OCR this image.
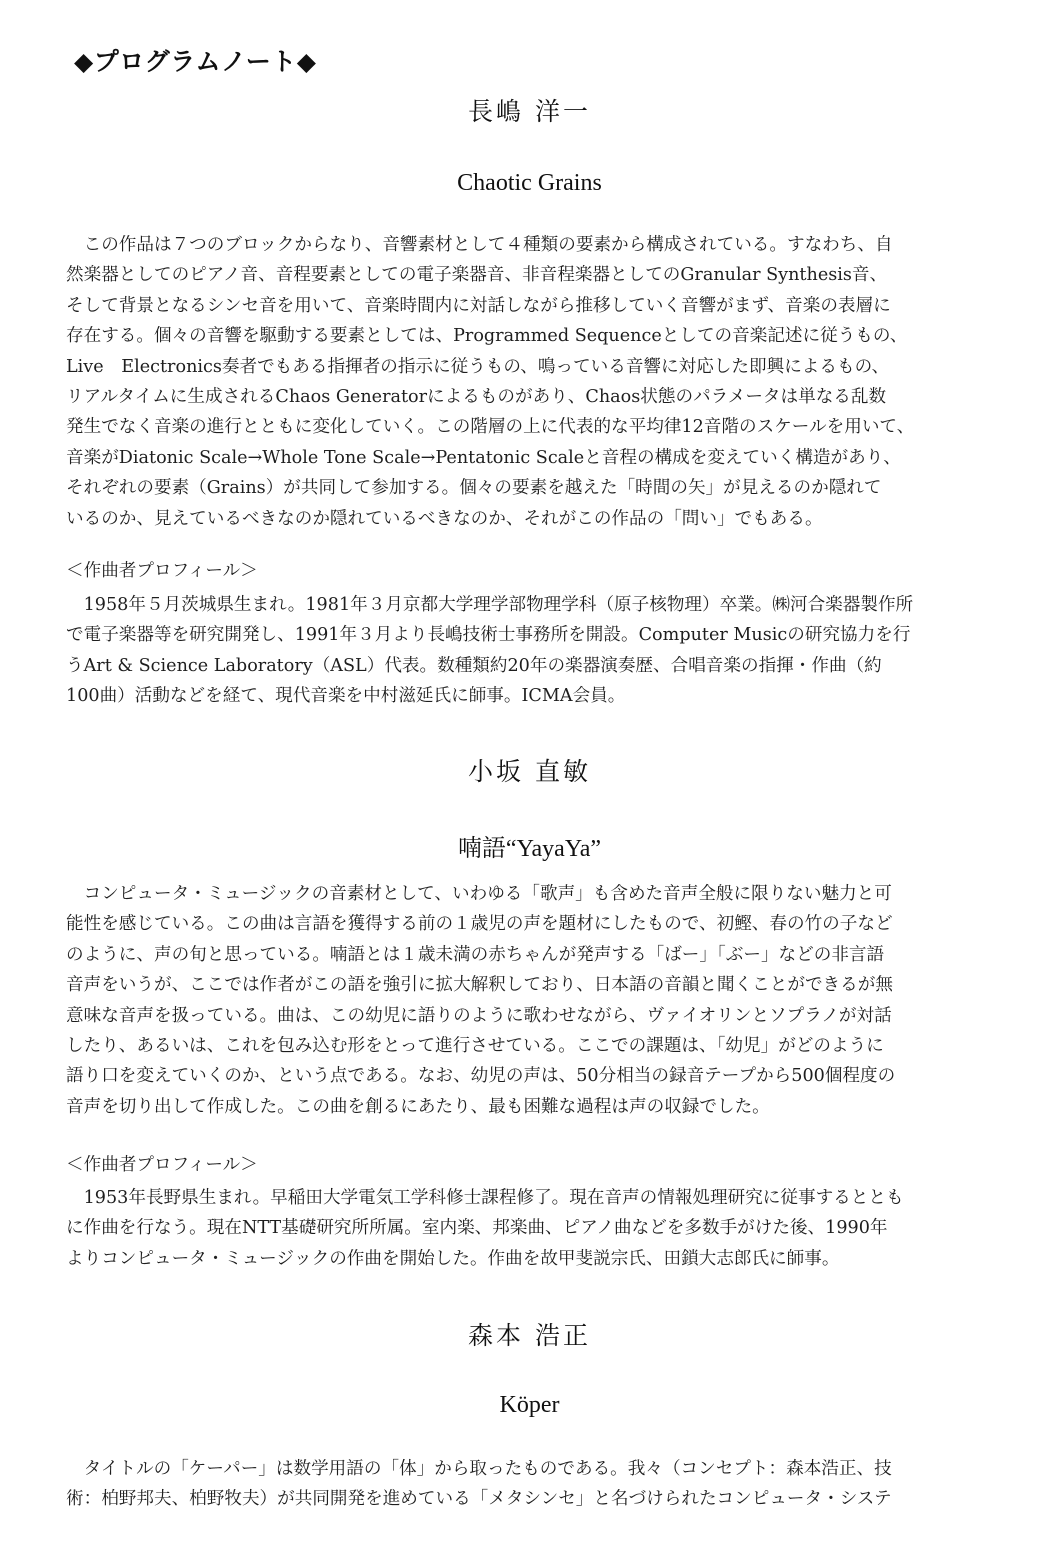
◆プログラムノート◆
長嶋 洋一
Chaotic Grains
　この作品は７つのブロックからなり、音響素材として４種類の要素から構成されている。すなわち、自
然楽器としてのピアノ音、音程要素としての電子楽器音、非音程楽器としてのGranular Synthesis音、
そして背景となるシンセ音を用いて、音楽時間内に対話しながら推移していく音響がまず、音楽の表層に
存在する。個々の音響を駆動する要素としては、Programmed Sequenceとしての音楽記述に従うもの、
Live　Electronics奏者でもある指揮者の指示に従うもの、鳴っている音響に対応した即興によるもの、
リアルタイムに生成されるChaos Generatorによるものがあり、Chaos状態のパラメータは単なる乱数
発生でなく音楽の進行とともに変化していく。この階層の上に代表的な平均律12音階のスケールを用いて、
音楽がDiatonic Scale→Whole Tone Scale→Pentatonic Scaleと音程の構成を変えていく構造があり、
それぞれの要素（Grains）が共同して参加する。個々の要素を越えた「時間の矢」が見えるのか隠れて
いるのか、見えているべきなのか隠れているべきなのか、それがこの作品の「問い」でもある。
＜作曲者プロフィール＞
　1958年５月茨城県生まれ。1981年３月京都大学理学部物理学科（原子核物理）卒業。㈱河合楽器製作所
で電子楽器等を研究開発し、1991年３月より長嶋技術士事務所を開設。Computer Musicの研究協力を行
うArt & Science Laboratory（ASL）代表。数種類約20年の楽器演奏歴、合唱音楽の指揮・作曲（約
100曲）活動などを経て、現代音楽を中村滋延氏に師事。ICMA会員。
小坂 直敏
喃語“YayaYa”
　コンピュータ・ミュージックの音素材として、いわゆる「歌声」も含めた音声全般に限りない魅力と可
能性を感じている。この曲は言語を獲得する前の１歳児の声を題材にしたもので、初鰹、春の竹の子など
のように、声の旬と思っている。喃語とは１歳未満の赤ちゃんが発声する「ばー」「ぶー」などの非言語
音声をいうが、ここでは作者がこの語を強引に拡大解釈しており、日本語の音韻と聞くことができるが無
意味な音声を扱っている。曲は、この幼児に語りのように歌わせながら、ヴァイオリンとソプラノが対話
したり、あるいは、これを包み込む形をとって進行させている。ここでの課題は、「幼児」がどのように
語り口を変えていくのか、という点である。なお、幼児の声は、50分相当の録音テープから500個程度の
音声を切り出して作成した。この曲を創るにあたり、最も困難な過程は声の収録でした。
＜作曲者プロフィール＞
　1953年長野県生まれ。早稲田大学電気工学科修士課程修了。現在音声の情報処理研究に従事するととも
に作曲を行なう。現在NTT基礎研究所所属。室内楽、邦楽曲、ピアノ曲などを多数手がけた後、1990年
よりコンピュータ・ミュージックの作曲を開始した。作曲を故甲斐説宗氏、田鎖大志郎氏に師事。
森本 浩正
Köper
　タイトルの「ケーパー」は数学用語の「体」から取ったものである。我々（コンセプト：森本浩正、技
術：柏野邦夫、柏野牧夫）が共同開発を進めている「メタシンセ」と名づけられたコンピュータ・システ
